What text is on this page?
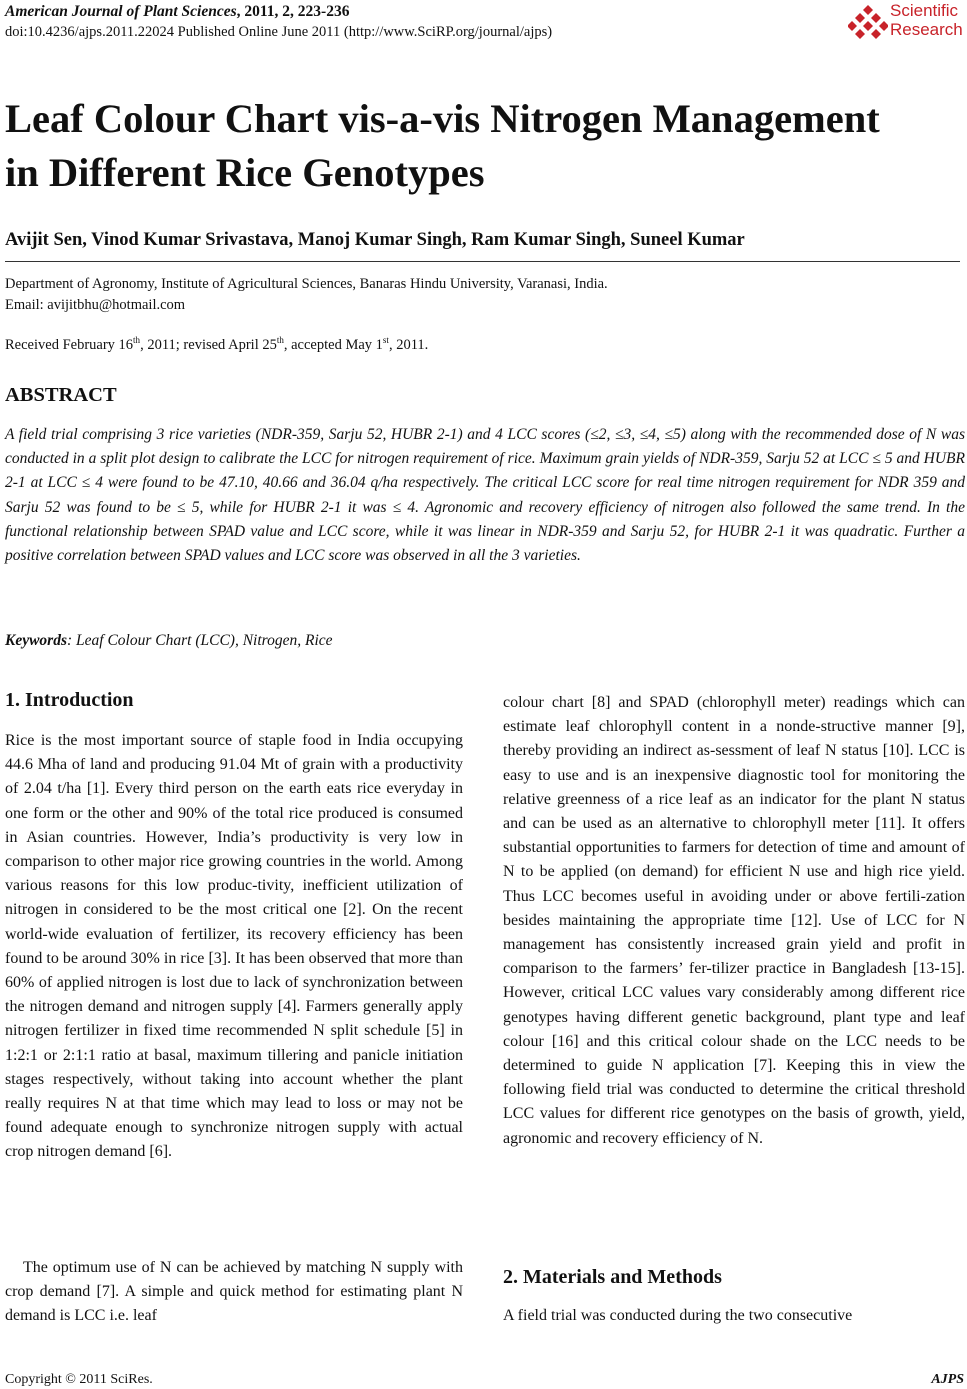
American Journal of Plant Sciences, 2011, 2, 223-236
doi:10.4236/ajps.2011.22024 Published Online June 2011 (http://www.SciRP.org/journal/ajps)
Scientific
Research
Leaf Colour Chart vis-a-vis Nitrogen Management
in Different Rice Genotypes
Avijit Sen, Vinod Kumar Srivastava, Manoj Kumar Singh, Ram Kumar Singh, Suneel Kumar
Department of Agronomy, Institute of Agricultural Sciences, Banaras Hindu University, Varanasi, India.
Email: avijitbhu@hotmail.com
Received February 16th, 2011; revised April 25th, accepted May 1st, 2011.
ABSTRACT

A field trial comprising 3 rice varieties (NDR-359, Sarju 52, HUBR 2-1) and 4 LCC scores (≤2, ≤3, ≤4, ≤5) along with the recommended dose of N was conducted in a split plot design to calibrate the LCC for nitrogen requirement of rice. Maximum grain yields of NDR-359, Sarju 52 at LCC ≤ 5 and HUBR 2-1 at LCC ≤ 4 were found to be 47.10, 40.66 and 36.04 q/ha respectively. The critical LCC score for real time nitrogen requirement for NDR 359 and Sarju 52 was found to be ≤ 5, while for HUBR 2-1 it was ≤ 4. Agronomic and recovery efficiency of nitrogen also followed the same trend. In the functional relationship between SPAD value and LCC score, while it was linear in NDR-359 and Sarju 52, for HUBR 2-1 it was quadratic. Further a positive correlation between SPAD values and LCC score was observed in all the 3 varieties.

Keywords: Leaf Colour Chart (LCC), Nitrogen, Rice
1. Introduction

Rice is the most important source of staple food in India occupying 44.6 Mha of land and producing 91.04 Mt of grain with a productivity of 2.04 t/ha [1]. Every third person on the earth eats rice everyday in one form or the other and 90% of the total rice produced is consumed in Asian countries. However, India’s productivity is very low in comparison to other major rice growing countries in the world. Among various reasons for this low produc-tivity, inefficient utilization of nitrogen in considered to be the most critical one [2]. On the recent world-wide evaluation of fertilizer, its recovery efficiency has been found to be around 30% in rice [3]. It has been observed that more than 60% of applied nitrogen is lost due to lack of synchronization between the nitrogen demand and nitrogen supply [4]. Farmers generally apply nitrogen fertilizer in fixed time recommended N split schedule [5] in 1:2:1 or 2:1:1 ratio at basal, maximum tillering and panicle initiation stages respectively, without taking into account whether the plant really requires N at that time which may lead to loss or may not be found adequate enough to synchronize nitrogen supply with actual crop nitrogen demand [6].

The optimum use of N can be achieved by matching N supply with crop demand [7]. A simple and quick method for estimating plant N demand is LCC i.e. leaf

colour chart [8] and SPAD (chlorophyll meter) readings which can estimate leaf chlorophyll content in a nonde-structive manner [9], thereby providing an indirect as-sessment of leaf N status [10]. LCC is easy to use and is an inexpensive diagnostic tool for monitoring the relative greenness of a rice leaf as an indicator for the plant N status and can be used as an alternative to chlorophyll meter [11]. It offers substantial opportunities to farmers for detection of time and amount of N to be applied (on demand) for efficient N use and high rice yield. Thus LCC becomes useful in avoiding under or above fertili-zation besides maintaining the appropriate time [12]. Use of LCC for N management has consistently increased grain yield and profit in comparison to the farmers’ fer-tilizer practice in Bangladesh [13-15]. However, critical LCC values vary considerably among different rice genotypes having different genetic background, plant type and leaf colour [16] and this critical colour shade on the LCC needs to be determined to guide N application [7]. Keeping this in view the following field trial was conducted to determine the critical threshold LCC values for different rice genotypes on the basis of growth, yield, agronomic and recovery efficiency of N.

2. Materials and Methods

A field trial was conducted during the two consecutive

Copyright © 2011 SciRes.	AJPS
